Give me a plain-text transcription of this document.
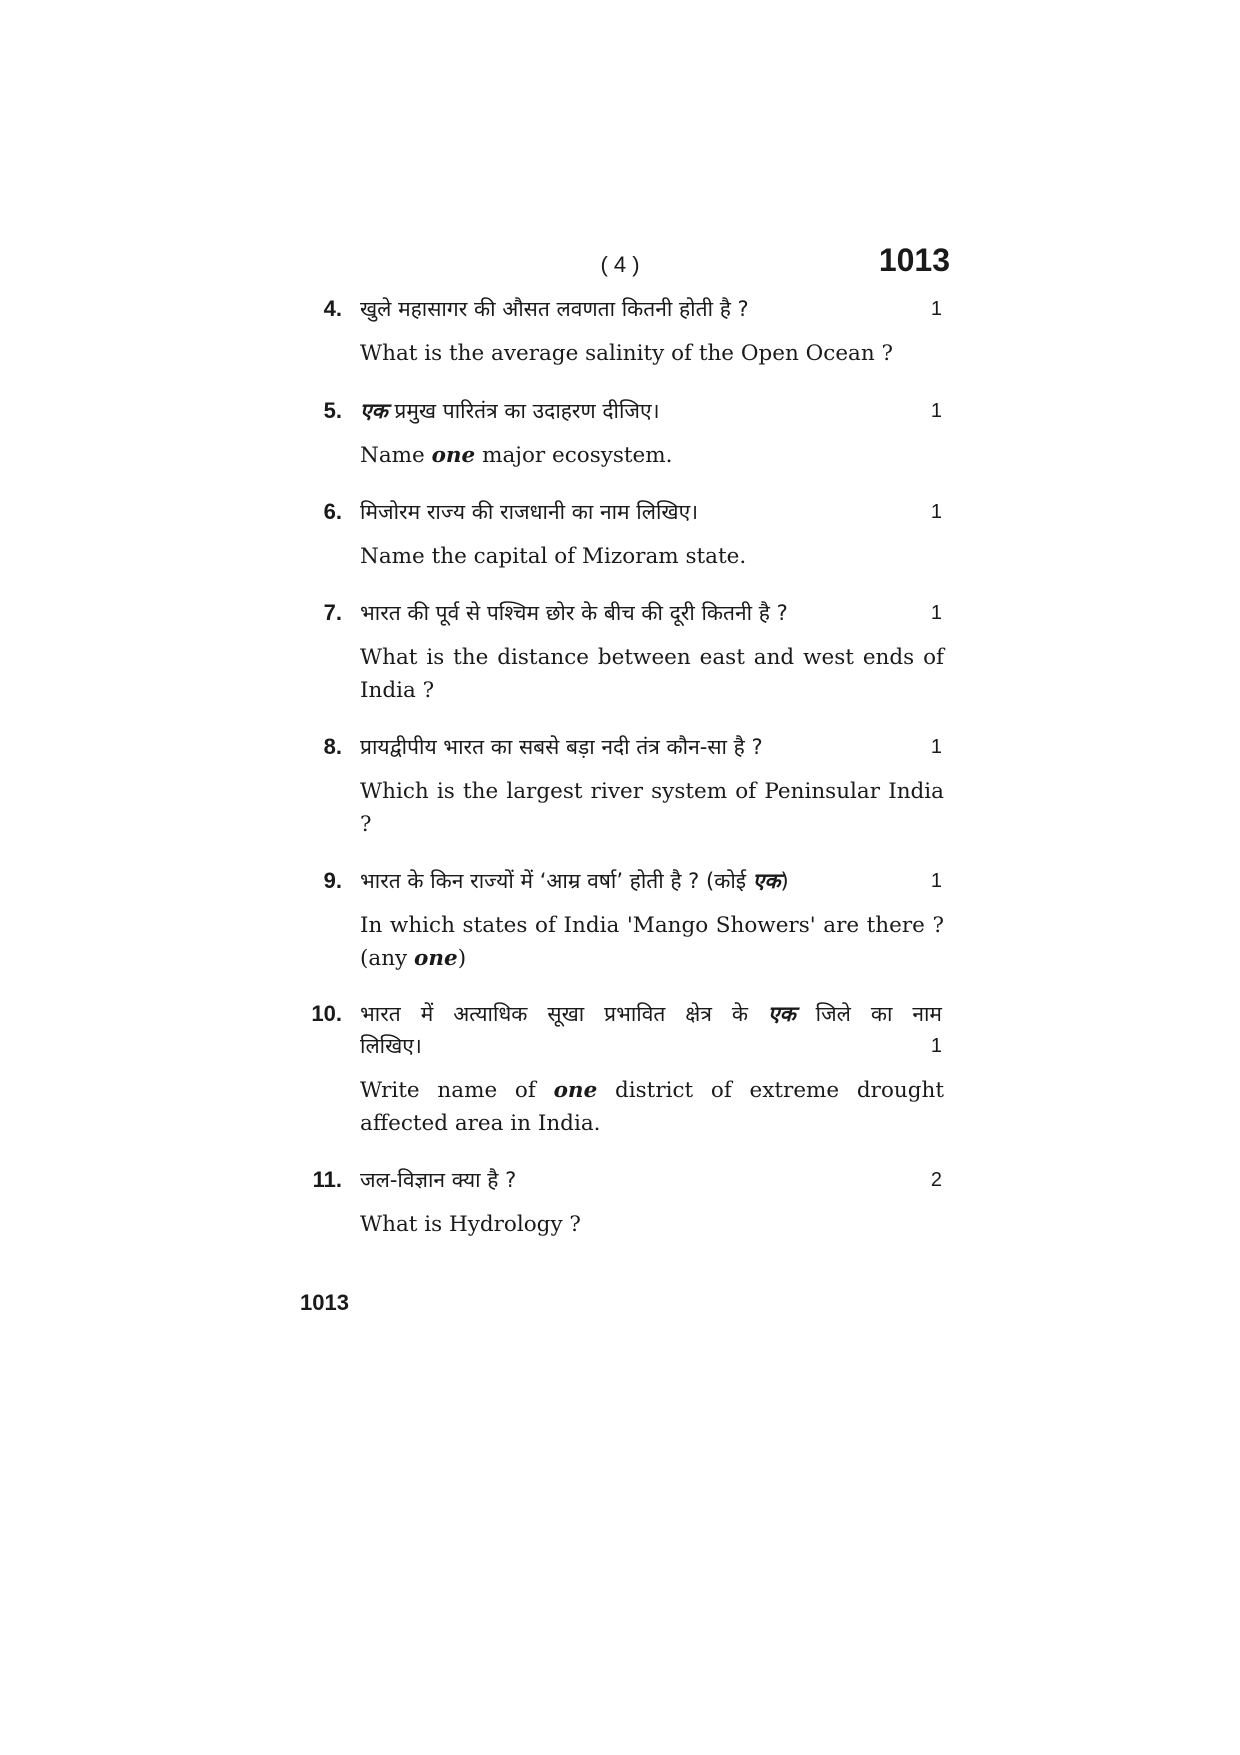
( 4 )	1013
4. खुले महासागर की औसत लवणता कितनी होती है ?	1
What is the average salinity of the Open Ocean ?
5. एक प्रमुख पारितंत्र का उदाहरण दीजिए।	1
Name one major ecosystem.
6. मिजोरम राज्य की राजधानी का नाम लिखिए।	1
Name the capital of Mizoram state.
7. भारत की पूर्व से पश्चिम छोर के बीच की दूरी कितनी है ?	1
What is the distance between east and west ends of India ?
8. प्रायद्वीपीय भारत का सबसे बड़ा नदी तंत्र कौन-सा है ?	1
Which is the largest river system of Peninsular India ?
9. भारत के किन राज्यों में ‘आम्र वर्षा’ होती है ? (कोई एक)	1
In which states of India 'Mango Showers' are there ? (any one)
10. भारत में अत्याधिक सूखा प्रभावित क्षेत्र के एक जिले का नाम
लिखिए।	1
Write name of one district of extreme drought affected area in India.
11. जल-विज्ञान क्या है ?	2
What is Hydrology ?
1013
